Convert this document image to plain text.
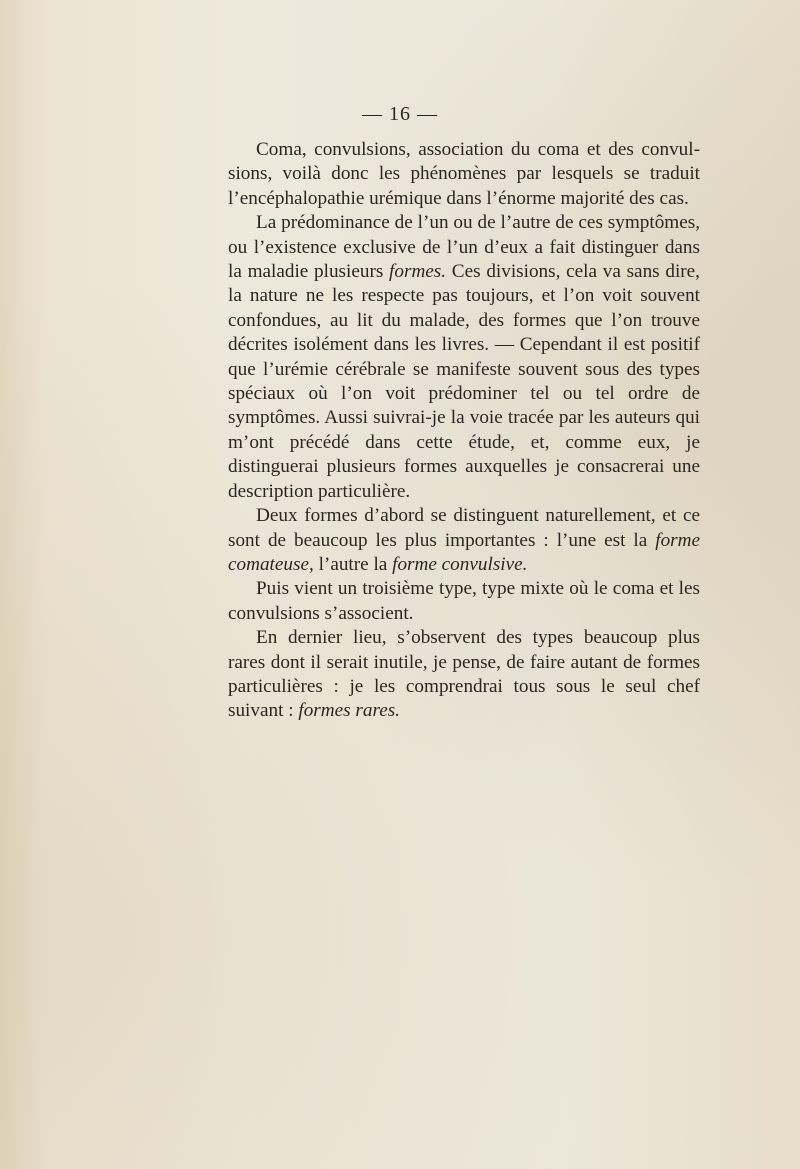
— 16 —

Coma, convulsions, association du coma et des convulsions, voilà donc les phénomènes par lesquels se traduit l’encéphalopathie urémique dans l’énorme majorité des cas.

La prédominance de l’un ou de l’autre de ces symptômes, ou l’existence exclusive de l’un d’eux a fait distinguer dans la maladie plusieurs formes. Ces divisions, cela va sans dire, la nature ne les respecte pas toujours, et l’on voit souvent confondues, au lit du malade, des formes que l’on trouve décrites isolément dans les livres. — Cependant il est positif que l’urémie cérébrale se manifeste souvent sous des types spéciaux où l’on voit prédominer tel ou tel ordre de symptômes. Aussi suivrai-je la voie tracée par les auteurs qui m’ont précédé dans cette étude, et, comme eux, je distinguerai plusieurs formes auxquelles je consacrerai une description particulière.

Deux formes d’abord se distinguent naturellement, et ce sont de beaucoup les plus importantes : l’une est la forme comateuse, l’autre la forme convulsive.

Puis vient un troisième type, type mixte où le coma et les convulsions s’associent.

En dernier lieu, s’observent des types beaucoup plus rares dont il serait inutile, je pense, de faire autant de formes particulières : je les comprendrai tous sous le seul chef suivant : formes rares.
